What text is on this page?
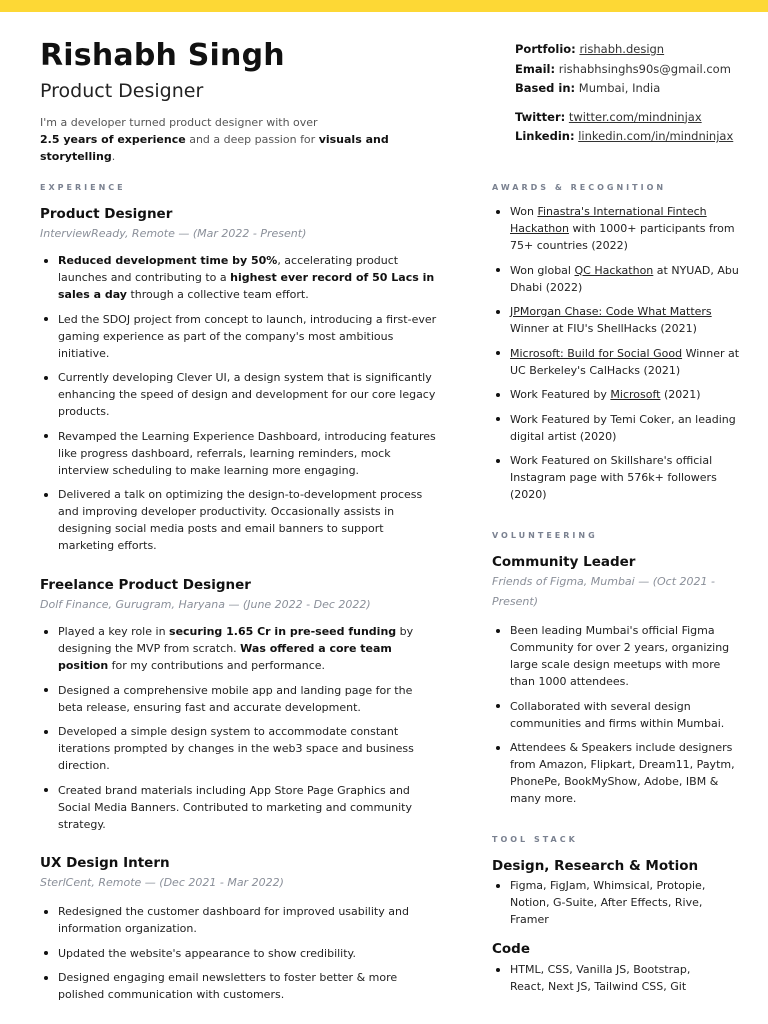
Rishabh Singh
Product Designer
I'm a developer turned product designer with over
2.5 years of experience and a deep passion for visuals and storytelling.
Portfolio: rishabh.design
Email: rishabhsinghs90s@gmail.com
Based in: Mumbai, India
Twitter: twitter.com/mindninjax
Linkedin: linkedin.com/in/mindninjax
EXPERIENCE
Product Designer
InterviewReady, Remote — (Mar 2022 - Present)
Reduced development time by 50%, accelerating product launches and contributing to a highest ever record of 50 Lacs in sales a day through a collective team effort.
Led the SDOJ project from concept to launch, introducing a first-ever gaming experience as part of the company's most ambitious initiative.
Currently developing Clever UI, a design system that is significantly enhancing the speed of design and development for our core legacy products.
Revamped the Learning Experience Dashboard, introducing features like progress dashboard, referrals, learning reminders, mock interview scheduling to make learning more engaging.
Delivered a talk on optimizing the design-to-development process and improving developer productivity. Occasionally assists in designing social media posts and email banners to support marketing efforts.
Freelance Product Designer
Dolf Finance, Gurugram, Haryana — (June 2022 - Dec 2022)
Played a key role in securing 1.65 Cr in pre-seed funding by designing the MVP from scratch. Was offered a core team position for my contributions and performance.
Designed a comprehensive mobile app and landing page for the beta release, ensuring fast and accurate development.
Developed a simple design system to accommodate constant iterations prompted by changes in the web3 space and business direction.
Created brand materials including App Store Page Graphics and Social Media Banners. Contributed to marketing and community strategy.
UX Design Intern
SterlCent, Remote — (Dec 2021 - Mar 2022)
Redesigned the customer dashboard for improved usability and information organization.
Updated the website's appearance to show credibility.
Designed engaging email newsletters to foster better & more polished communication with customers.
AWARDS & RECOGNITION
Won Finastra's International Fintech Hackathon with 1000+ participants from 75+ countries (2022)
Won global QC Hackathon at NYUAD, Abu Dhabi (2022)
JPMorgan Chase: Code What Matters Winner at FIU's ShellHacks (2021)
Microsoft: Build for Social Good Winner at UC Berkeley's CalHacks (2021)
Work Featured by Microsoft (2021)
Work Featured by Temi Coker, an leading digital artist (2020)
Work Featured on Skillshare's official Instagram page with 576k+ followers (2020)
VOLUNTEERING
Community Leader
Friends of Figma, Mumbai — (Oct 2021 - Present)
Been leading Mumbai's official Figma Community for over 2 years, organizing large scale design meetups with more than 1000 attendees.
Collaborated with several design communities and firms within Mumbai.
Attendees & Speakers include designers from Amazon, Flipkart, Dream11, Paytm, PhonePe, BookMyShow, Adobe, IBM & many more.
TOOL STACK
Design, Research & Motion
Figma, FigJam, Whimsical, Protopie, Notion, G-Suite, After Effects, Rive, Framer
Code
HTML, CSS, Vanilla JS, Bootstrap, React, Next JS, Tailwind CSS, Git
